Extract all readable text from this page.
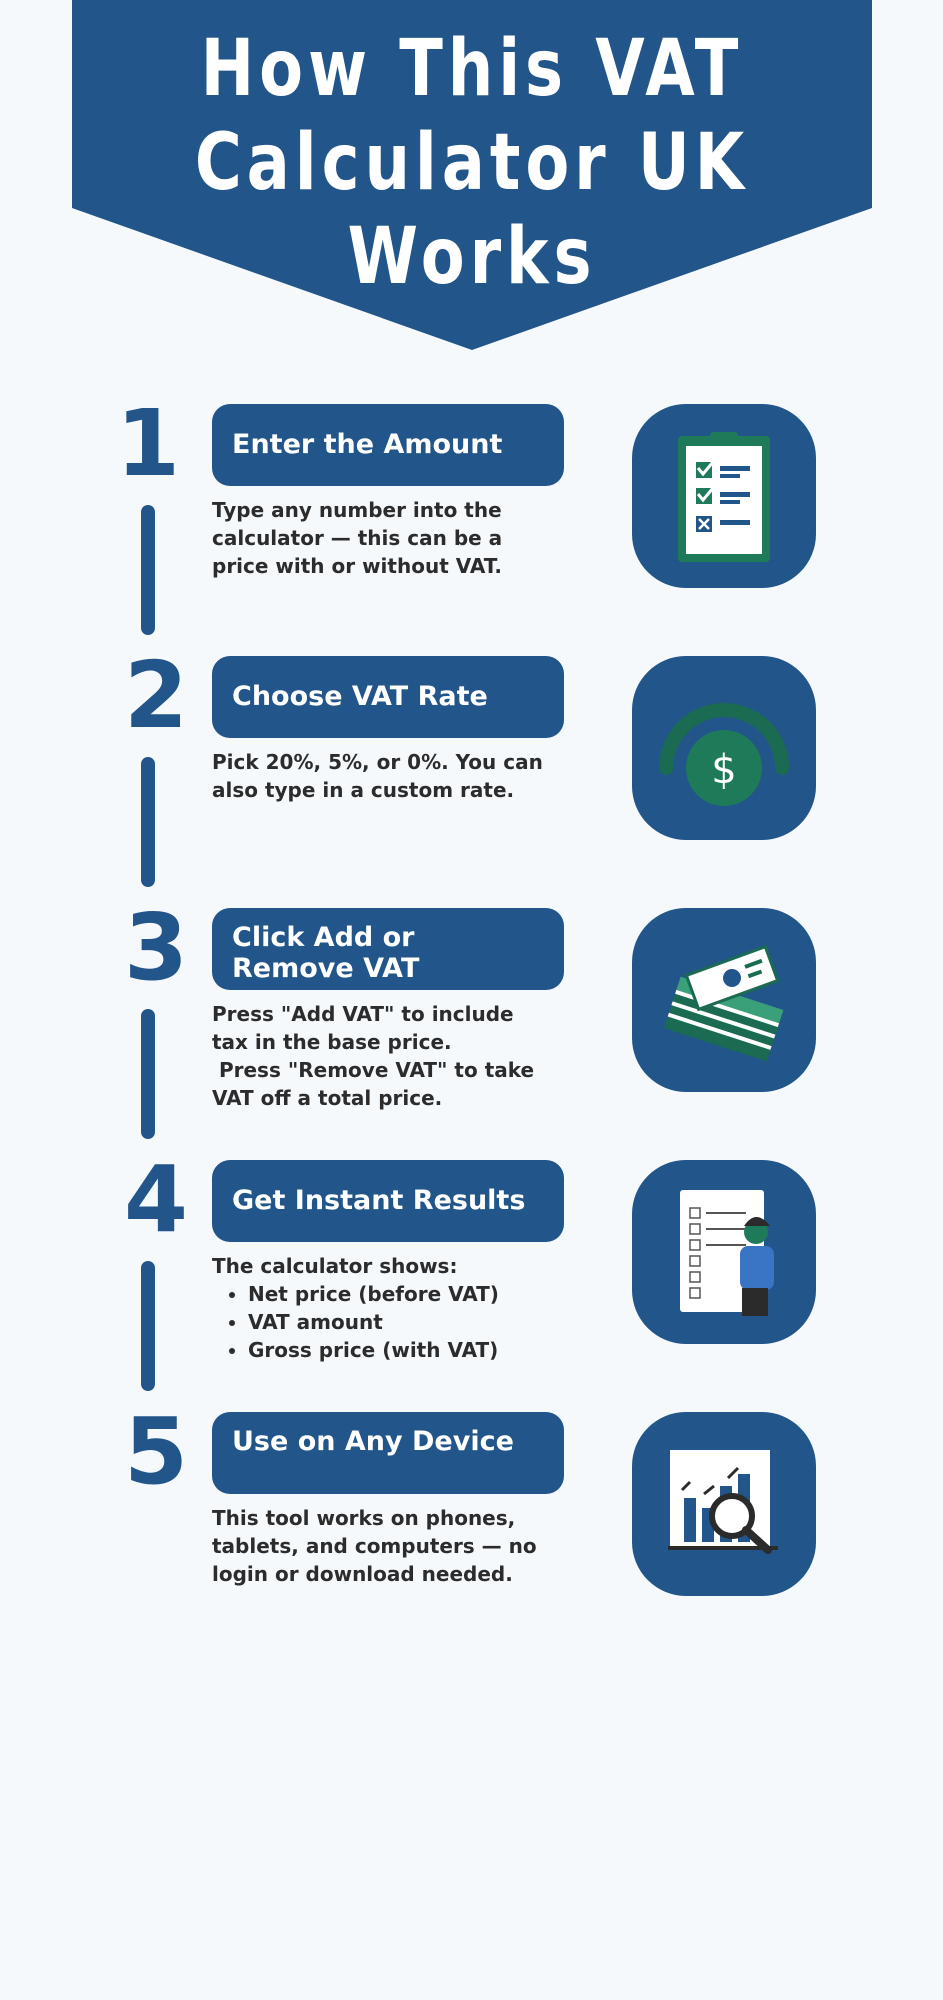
How This VAT
Calculator UK Works
1	Enter the Amount
Type any number into the calculator — this can be a price with or without VAT.
2	Choose VAT Rate
Pick 20%, 5%, or 0%. You can also type in a custom rate.	$
3	Click Add or Remove VAT
Press "Add VAT" to include tax in the base price.
Press "Remove VAT" to take VAT off a total price.
4	Get Instant Results
The calculator shows:
• Net price (before VAT)
• VAT amount
• Gross price (with VAT)
5	Use on Any Device
This tool works on phones, tablets, and computers — no login or download needed.
